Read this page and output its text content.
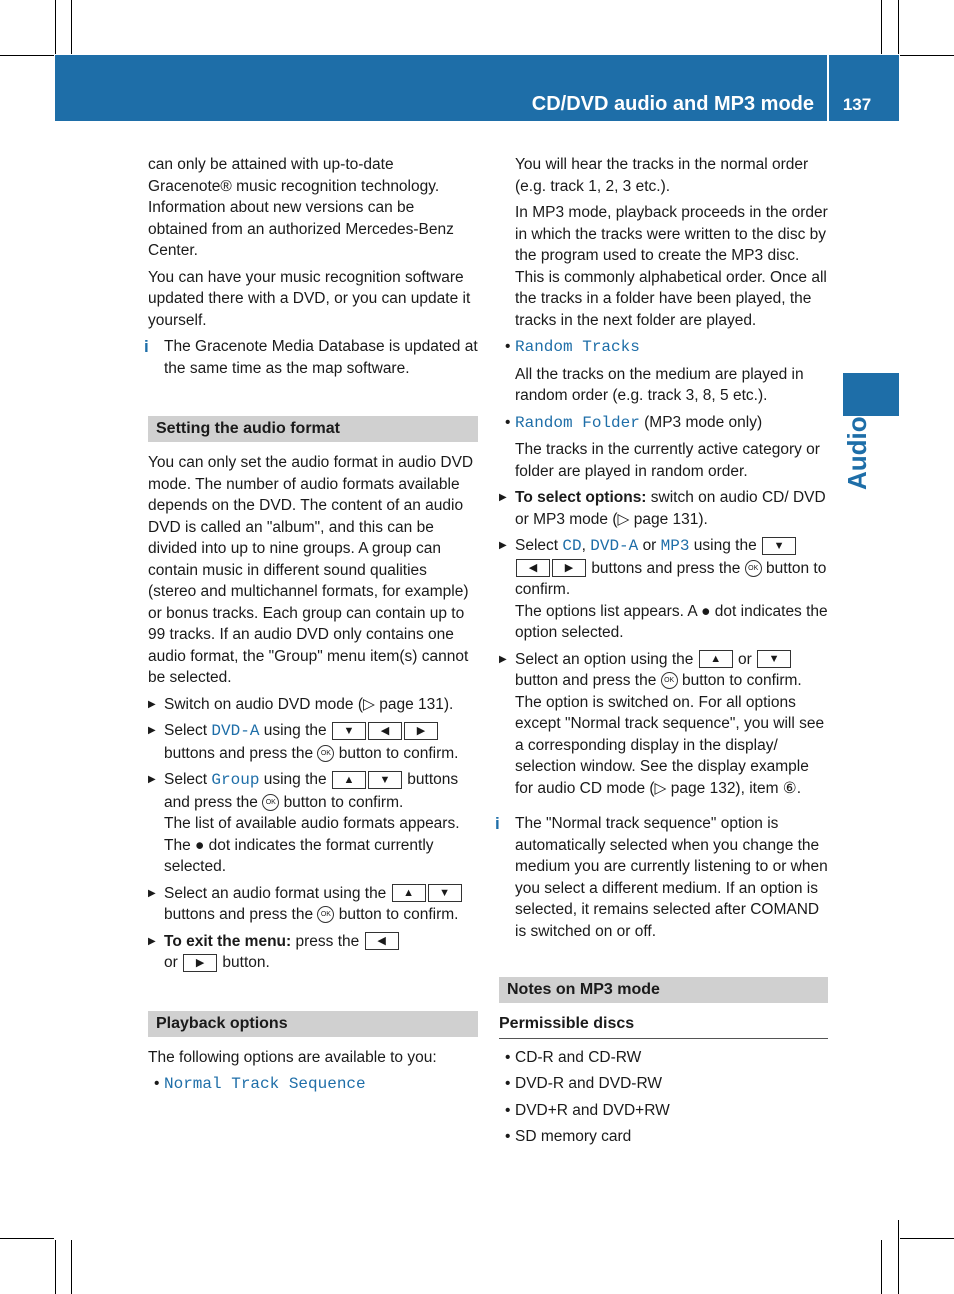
CD/DVD audio and MP3 mode	137
Audio

can only be attained with up-to-date Gracenote® music recognition technology. Information about new versions can be obtained from an authorized Mercedes-Benz Center.

You can have your music recognition software updated there with a DVD, or you can update it yourself.

i The Gracenote Media Database is updated at the same time as the map software.

Setting the audio format

You can only set the audio format in audio DVD mode. The number of audio formats available depends on the DVD. The content of an audio DVD is called an "album", and this can be divided into up to nine groups. A group can contain music in different sound qualities (stereo and multichannel formats, for example) or bonus tracks. Each group can contain up to 99 tracks. If an audio DVD only contains one audio format, the "Group" menu item(s) cannot be selected.

▶ Switch on audio DVD mode (▷ page 131).

▶ Select DVD-A using the ▼ ◀	▶ buttons and press the OK button to confirm.

▶ Select Group using the ▲ ▼ buttons and press the OK button to confirm.
The list of available audio formats appears. The ● dot indicates the format currently selected.

▶ Select an audio format using the ▲ ▼ buttons and press the OK button to confirm.

▶ To exit the menu: press the ◀
or ▶ button.

Playback options

The following options are available to you:

• Normal Track Sequence

You will hear the tracks in the normal order (e.g. track 1, 2, 3 etc.).

In MP3 mode, playback proceeds in the order in which the tracks were written to the disc by the program used to create the MP3 disc. This is commonly alphabetical order. Once all the tracks in a folder have been played, the tracks in the next folder are played.

• Random Tracks

All the tracks on the medium are played in random order (e.g. track 3, 8, 5 etc.).

• Random Folder (MP3 mode only)

The tracks in the currently active category or folder are played in random order.

▶ To select options: switch on audio CD/ DVD or MP3 mode (▷ page 131).

▶ Select CD, DVD-A or MP3 using the ▼◀	▶ buttons and press the OK button to confirm.
The options list appears. A ● dot indicates the option selected.

▶ Select an option using the ▲ or ▼ button and press the OK button to confirm. The option is switched on. For all options except "Normal track sequence", you will see a corresponding display in the display/ selection window. See the display example for audio CD mode (▷ page 132), item ⑥.

i The "Normal track sequence" option is automatically selected when you change the medium you are currently listening to or when you select a different medium. If an option is selected, it remains selected after COMAND is switched on or off.

Notes on MP3 mode
Permissible discs

• CD-R and CD-RW

• DVD-R and DVD-RW

• DVD+R and DVD+RW

• SD memory card
